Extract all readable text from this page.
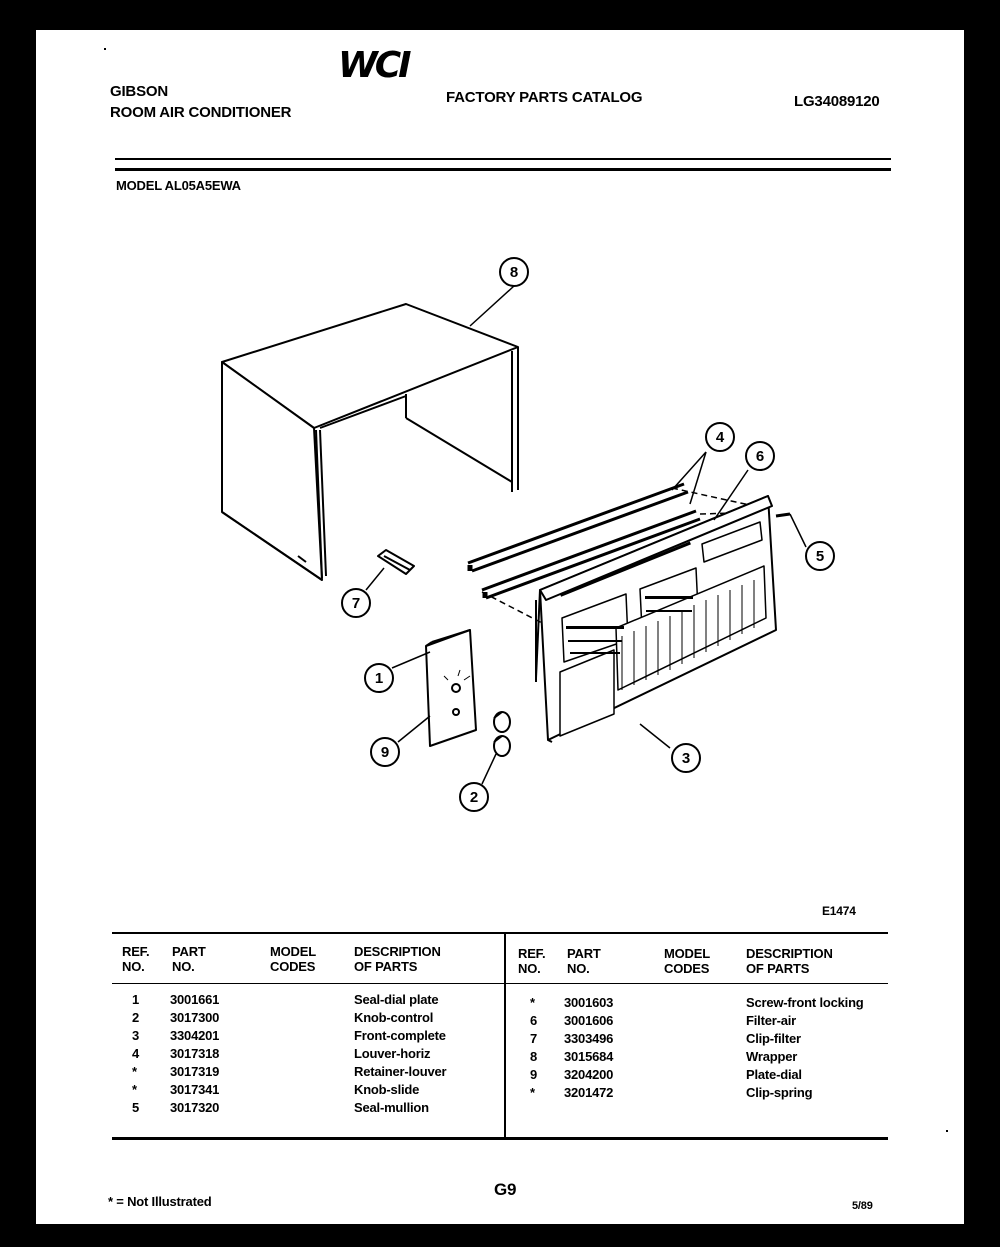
GIBSON
ROOM AIR CONDITIONER
WCI
FACTORY PARTS CATALOG	LG34089120
MODEL AL05A5EWA
8
4
6
5
7
1
9
2
3
E1474
REF.
NO.
PART
NO.
MODEL
CODES
DESCRIPTION
OF PARTS
REF.
NO.
PART
NO.
MODEL
CODES
DESCRIPTION
OF PARTS
1
2
3
4
*
*
5
3001661
3017300
3304201
3017318
3017319
3017341
3017320
Seal-dial plate
Knob-control
Front-complete
Louver-horiz
Retainer-louver
Knob-slide
Seal-mullion
*
6
7
8
9
*
3001603
3001606
3303496
3015684
3204200
3201472
Screw-front locking
Filter-air
Clip-filter
Wrapper
Plate-dial
Clip-spring
* = Not Illustrated
G9
5/89
